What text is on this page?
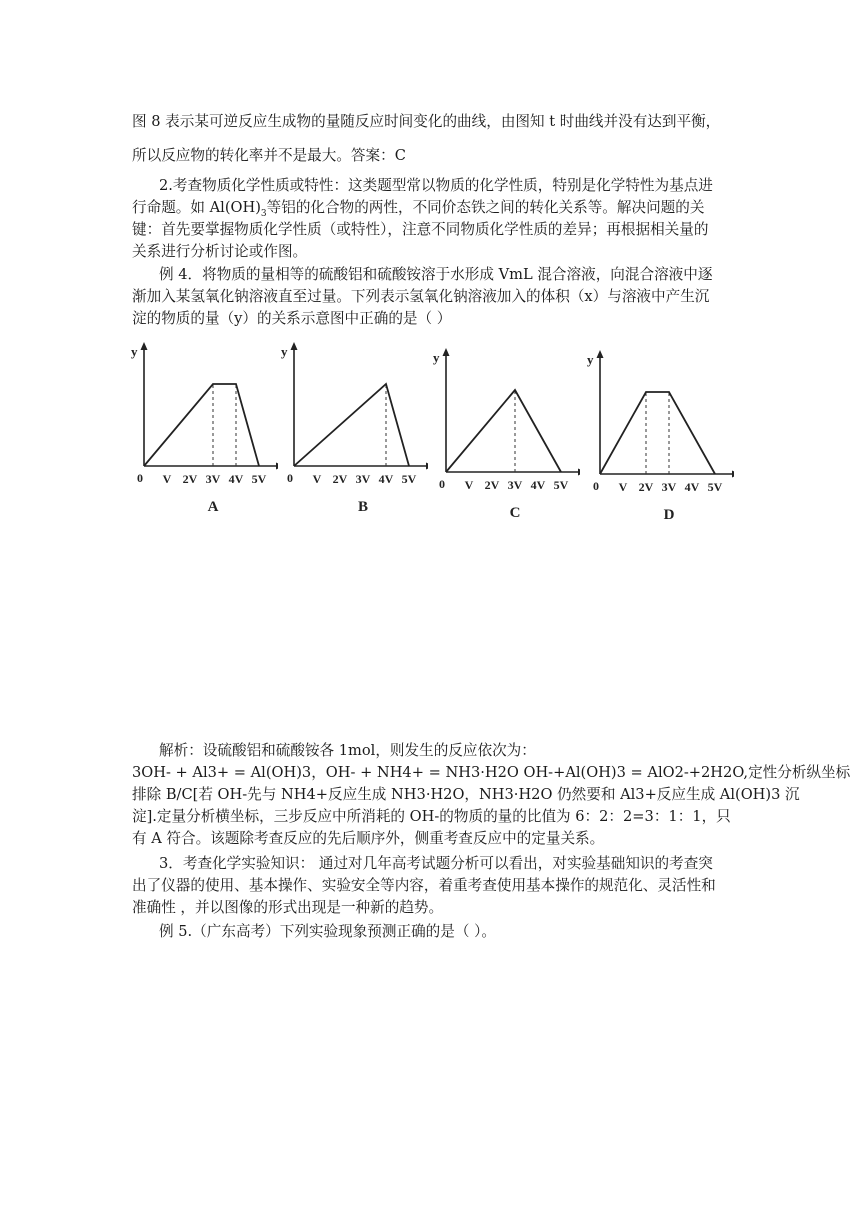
图 8 表示某可逆反应生成物的量随反应时间变化的曲线，由图知 t 时曲线并没有达到平衡，
所以反应物的转化率并不是最大。答案：C
2.考查物质化学性质或特性：这类题型常以物质的化学性质，特别是化学特性为基点进
行命题。如 $Al(OH)_3$等铝的化合物的两性，不同价态铁之间的转化关系等。解决问题的关
键：首先要掌握物质化学性质（或特性），注意不同物质化学性质的差异；再根据相关量的
关系进行分析讨论或作图。
例 4．将物质的量相等的硫酸铝和硫酸铵溶于水形成 VmL 混合溶液，向混合溶液中逐
渐加入某氢氧化钠溶液直至过量。下列表示氢氧化钠溶液加入的体积（x）与溶液中产生沉
淀的物质的量（y）的关系示意图中正确的是（ ）
y
0 V 2V 3V 4V 5V
A
y
0 V 2V 3V 4V 5V
B
y
0 V 2V 3V 4V 5V
C
y
0 V 2V 3V 4V 5V
D
解析：设硫酸铝和硫酸铵各 1mol，则发生的反应依次为：
3OH- + Al3+ = Al(OH)3，OH- + NH4+ = NH3·H2O OH-+Al(OH)3 = AlO2-+2H2O,定性分析纵坐标
排除 B/C[若 OH-先与 NH4+反应生成 NH3·H2O，NH3·H2O 仍然要和 Al3+反应生成 Al(OH)3 沉
淀].定量分析横坐标，三步反应中所消耗的 OH-的物质的量的比值为 6：2：2=3：1：1，只
有 A 符合。该题除考查反应的先后顺序外，侧重考查反应中的定量关系。
3．考查化学实验知识： 通过对几年高考试题分析可以看出，对实验基础知识的考查突
出了仪器的使用、基本操作、实验安全等内容，着重考查使用基本操作的规范化、灵活性和
准确性 ，并以图像的形式出现是一种新的趋势。
例 5.（广东高考）下列实验现象预测正确的是（ ）。
